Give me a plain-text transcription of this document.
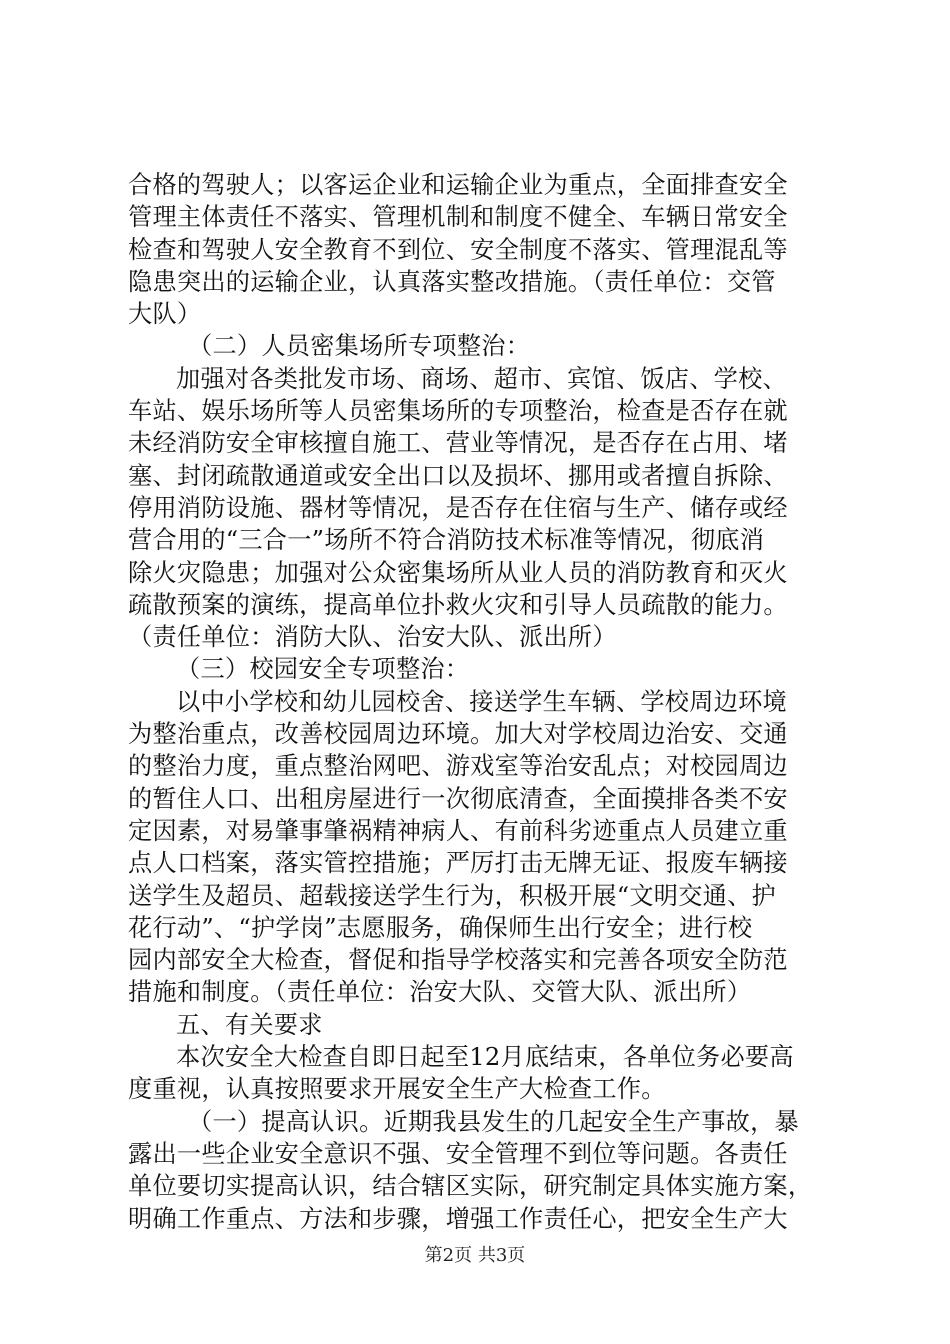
合格的驾驶人；以客运企业和运输企业为重点，全面排查安全
管理主体责任不落实、管理机制和制度不健全、车辆日常安全
检查和驾驶人安全教育不到位、安全制度不落实、管理混乱等
隐患突出的运输企业，认真落实整改措施。（责任单位：交管
大队）
（二）人员密集场所专项整治：
加强对各类批发市场、商场、超市、宾馆、饭店、学校、
车站、娱乐场所等人员密集场所的专项整治，检查是否存在就
未经消防安全审核擅自施工、营业等情况，是否存在占用、堵
塞、封闭疏散通道或安全出口以及损坏、挪用或者擅自拆除、
停用消防设施、器材等情况，是否存在住宿与生产、储存或经
营合用的“三合一”场所不符合消防技术标准等情况，彻底消
除火灾隐患；加强对公众密集场所从业人员的消防教育和灭火
疏散预案的演练，提高单位扑救火灾和引导人员疏散的能力。
（责任单位：消防大队、治安大队、派出所）
（三）校园安全专项整治：
以中小学校和幼儿园校舍、接送学生车辆、学校周边环境
为整治重点，改善校园周边环境。加大对学校周边治安、交通
的整治力度，重点整治网吧、游戏室等治安乱点；对校园周边
的暂住人口、出租房屋进行一次彻底清查，全面摸排各类不安
定因素，对易肇事肇祸精神病人、有前科劣迹重点人员建立重
点人口档案，落实管控措施；严厉打击无牌无证、报废车辆接
送学生及超员、超载接送学生行为，积极开展“文明交通、护
花行动”、“护学岗”志愿服务，确保师生出行安全；进行校
园内部安全大检查，督促和指导学校落实和完善各项安全防范
措施和制度。（责任单位：治安大队、交管大队、派出所）
五、有关要求
本次安全大检查自即日起至12月底结束，各单位务必要高
度重视，认真按照要求开展安全生产大检查工作。
（一）提高认识。近期我县发生的几起安全生产事故，暴
露出一些企业安全意识不强、安全管理不到位等问题。各责任
单位要切实提高认识，结合辖区实际，研究制定具体实施方案，
明确工作重点、方法和步骤，增强工作责任心，把安全生产大
第2页 共3页
